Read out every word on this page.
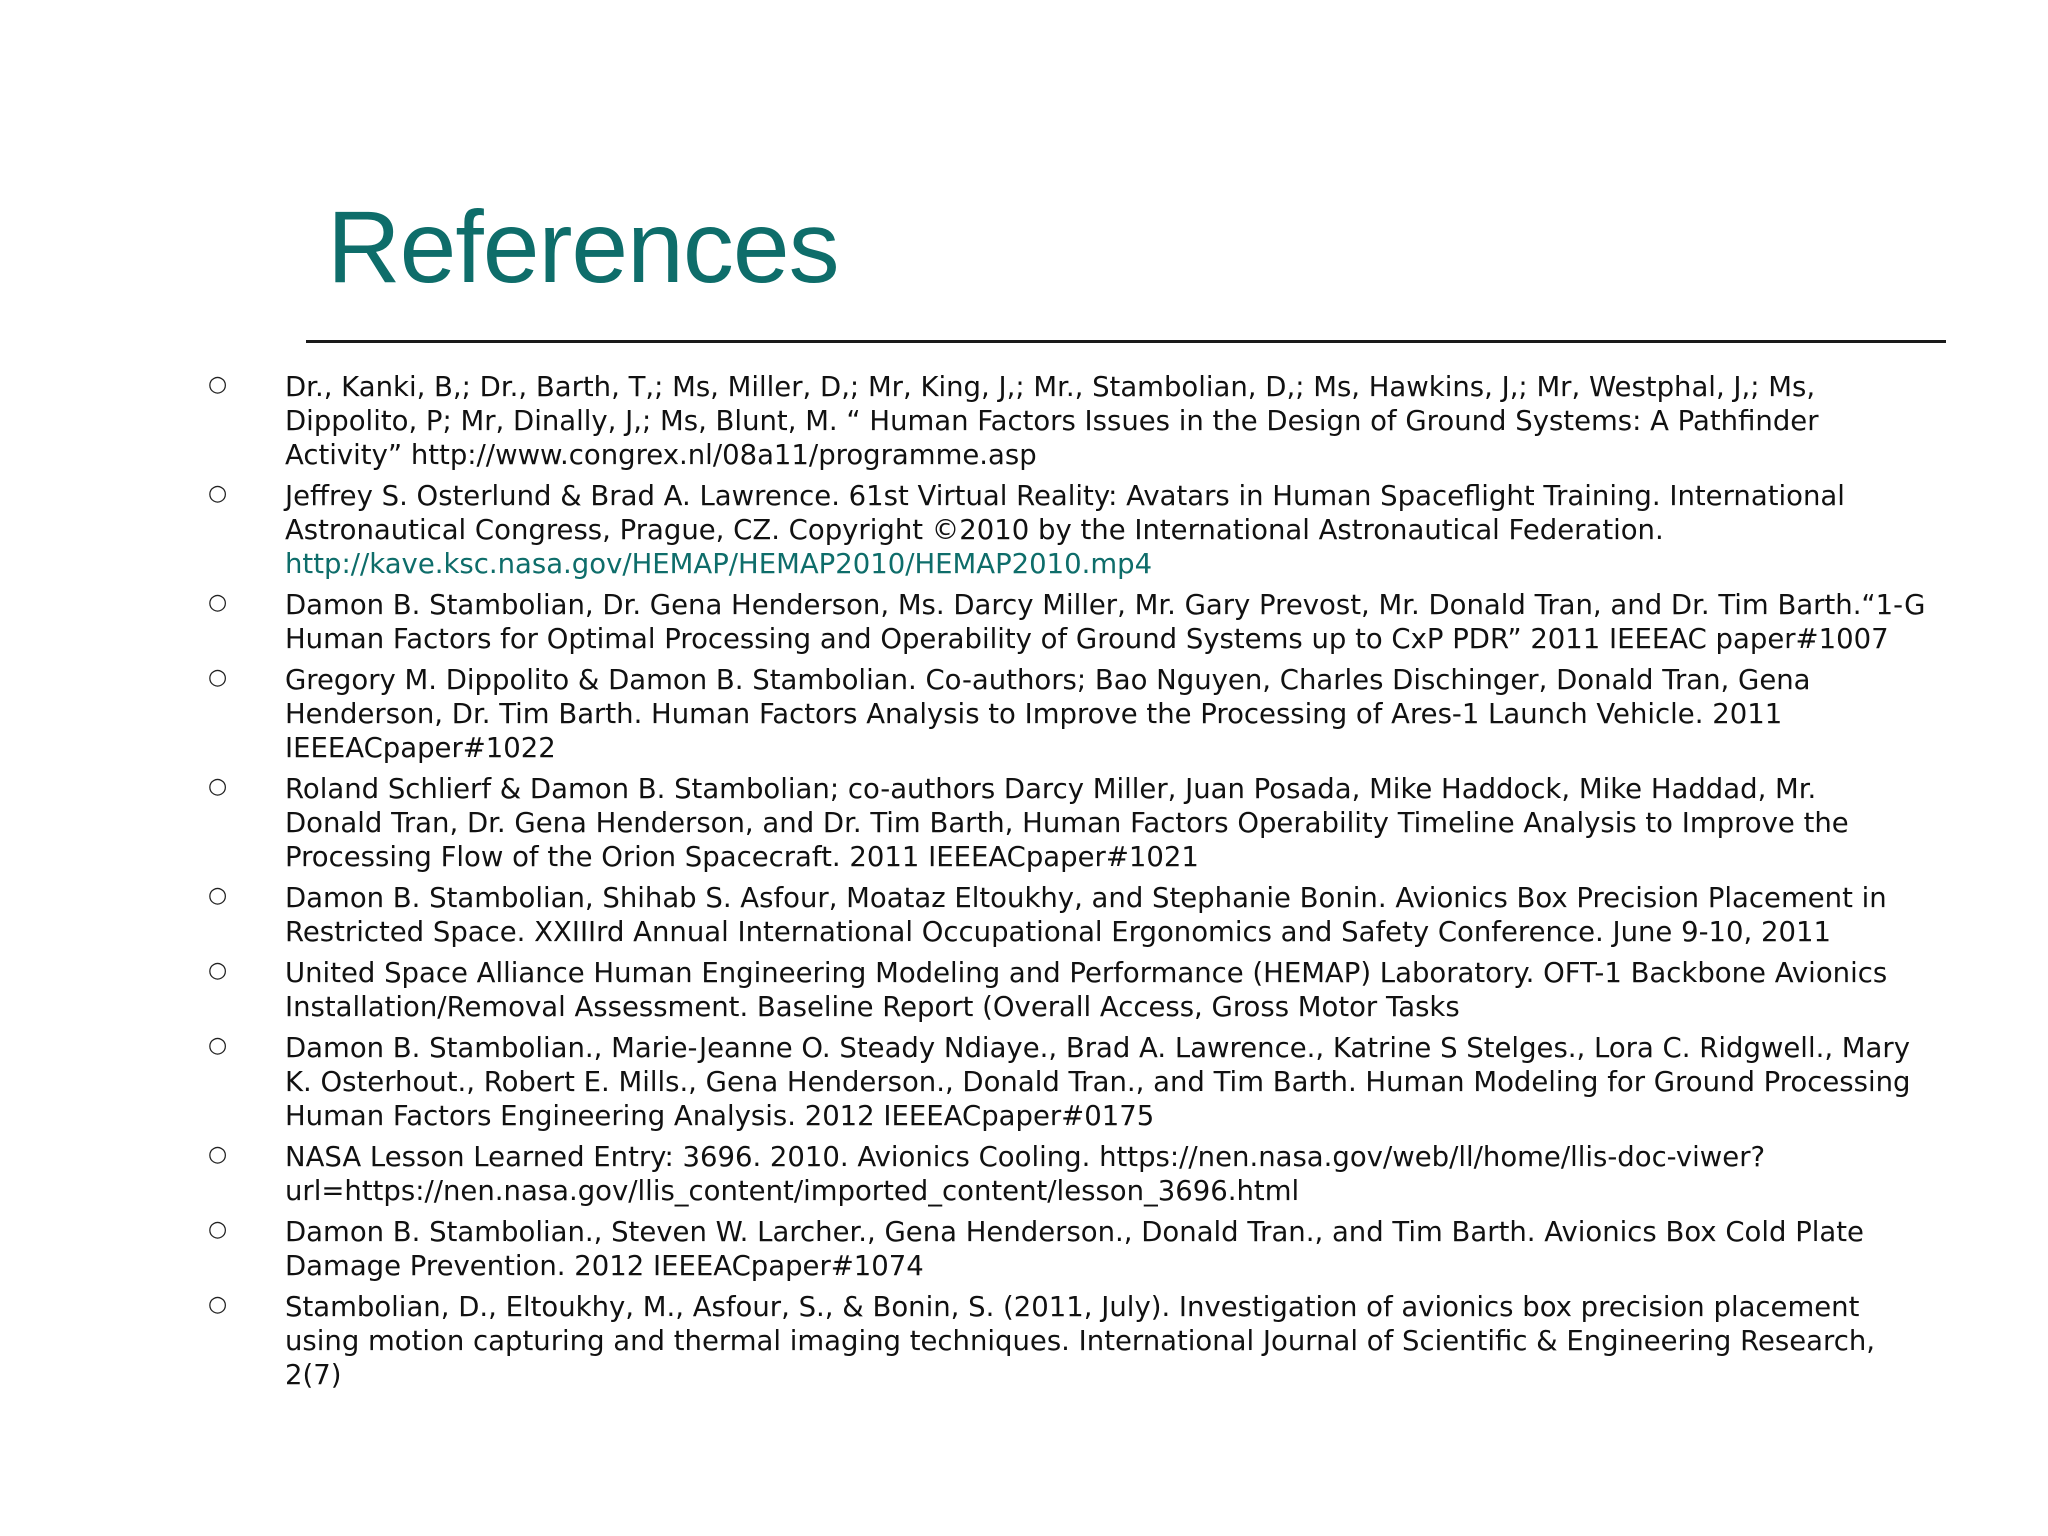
References
○	Dr., Kanki, B,; Dr., Barth, T,; Ms, Miller, D,; Mr, King, J,; Mr., Stambolian, D,; Ms, Hawkins, J,; Mr, Westphal, J,; Ms,
Dippolito, P; Mr, Dinally, J,; Ms, Blunt, M. “ Human Factors Issues in the Design of Ground Systems: A Pathfinder
Activity” http://www.congrex.nl/08a11/programme.asp
○	Jeffrey S. Osterlund & Brad A. Lawrence. 61st Virtual Reality: Avatars in Human Spaceflight Training. International
Astronautical Congress, Prague, CZ. Copyright ©2010 by the International Astronautical Federation.
http://kave.ksc.nasa.gov/HEMAP/HEMAP2010/HEMAP2010.mp4
○	Damon B. Stambolian, Dr. Gena Henderson, Ms. Darcy Miller, Mr. Gary Prevost, Mr. Donald Tran, and Dr. Tim Barth.“1-G
Human Factors for Optimal Processing and Operability of Ground Systems up to CxP PDR” 2011 IEEEAC paper#1007
○	Gregory M. Dippolito & Damon B. Stambolian. Co-authors; Bao Nguyen, Charles Dischinger, Donald Tran, Gena
Henderson, Dr. Tim Barth. Human Factors Analysis to Improve the Processing of Ares-1 Launch Vehicle. 2011
IEEEACpaper#1022
○	Roland Schlierf & Damon B. Stambolian; co-authors Darcy Miller, Juan Posada, Mike Haddock, Mike Haddad, Mr.
Donald Tran, Dr. Gena Henderson, and Dr. Tim Barth, Human Factors Operability Timeline Analysis to Improve the
Processing Flow of the Orion Spacecraft. 2011 IEEEACpaper#1021
○	Damon B. Stambolian, Shihab S. Asfour, Moataz Eltoukhy, and Stephanie Bonin. Avionics Box Precision Placement in
Restricted Space. XXIIIrd Annual International Occupational Ergonomics and Safety Conference. June 9-10, 2011
○	United Space Alliance Human Engineering Modeling and Performance (HEMAP) Laboratory. OFT-1 Backbone Avionics
Installation/Removal Assessment. Baseline Report (Overall Access, Gross Motor Tasks
○	Damon B. Stambolian., Marie-Jeanne O. Steady Ndiaye., Brad A. Lawrence., Katrine S Stelges., Lora C. Ridgwell., Mary
K. Osterhout., Robert E. Mills., Gena Henderson., Donald Tran., and Tim Barth. Human Modeling for Ground Processing
Human Factors Engineering Analysis. 2012 IEEEACpaper#0175
○	NASA Lesson Learned Entry: 3696. 2010. Avionics Cooling. https://nen.nasa.gov/web/ll/home/llis-doc-viwer?
url=https://nen.nasa.gov/llis_content/imported_content/lesson_3696.html
○	Damon B. Stambolian., Steven W. Larcher., Gena Henderson., Donald Tran., and Tim Barth. Avionics Box Cold Plate
Damage Prevention. 2012 IEEEACpaper#1074
○	Stambolian, D., Eltoukhy, M., Asfour, S., & Bonin, S. (2011, July). Investigation of avionics box precision placement
using motion capturing and thermal imaging techniques. International Journal of Scientific & Engineering Research,
2(7)
